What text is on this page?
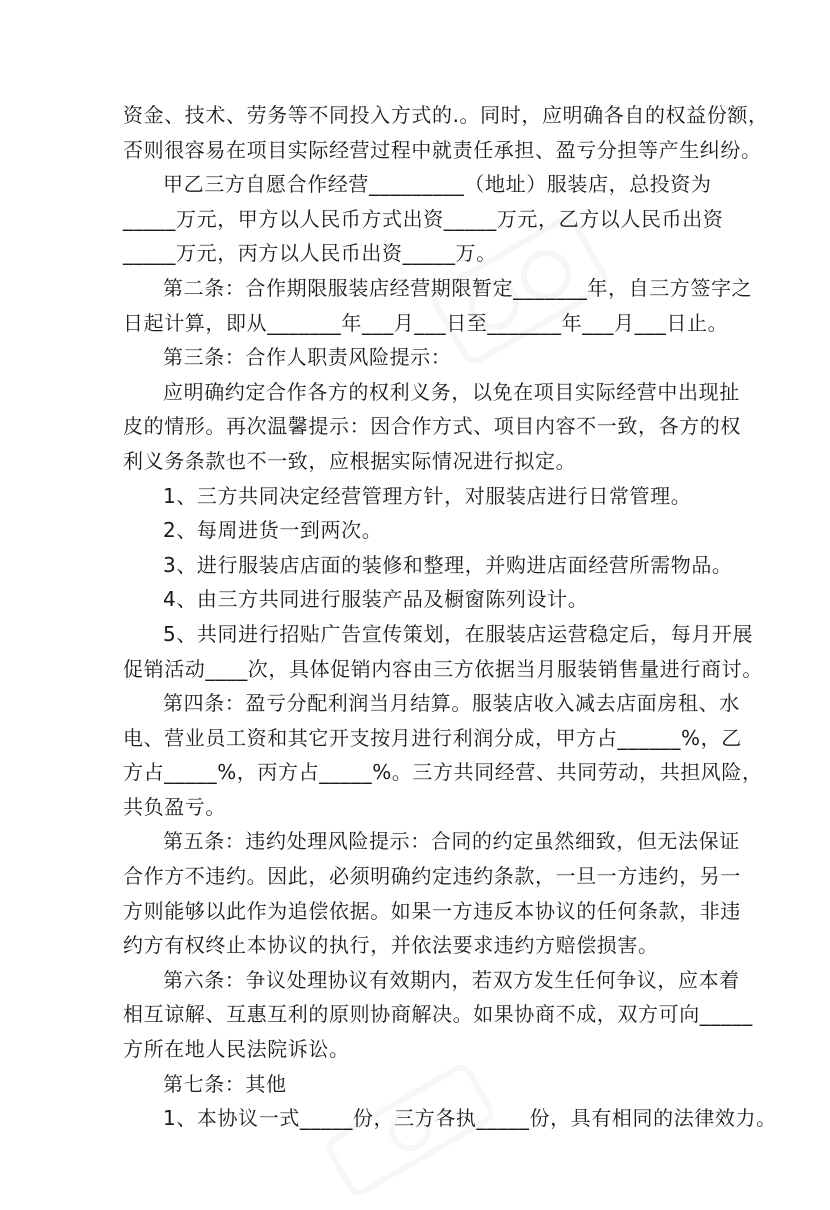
资金、技术、劳务等不同投入方式的.。同时，应明确各自的权益份额，
否则很容易在项目实际经营过程中就责任承担、盈亏分担等产生纠纷。
甲乙三方自愿合作经营_________（地址）服装店，总投资为
_____万元，甲方以人民币方式出资_____万元，乙方以人民币出资
_____万元，丙方以人民币出资_____万。
第二条：合作期限服装店经营期限暂定_______年，自三方签字之
日起计算，即从_______年___月___日至_______年___月___日止。
第三条：合作人职责风险提示：
应明确约定合作各方的权利义务，以免在项目实际经营中出现扯
皮的情形。再次温馨提示：因合作方式、项目内容不一致，各方的权
利义务条款也不一致，应根据实际情况进行拟定。
1、三方共同决定经营管理方针，对服装店进行日常管理。
2、每周进货一到两次。
3、进行服装店店面的装修和整理，并购进店面经营所需物品。
4、由三方共同进行服装产品及橱窗陈列设计。
5、共同进行招贴广告宣传策划，在服装店运营稳定后，每月开展
促销活动____次，具体促销内容由三方依据当月服装销售量进行商讨。
第四条：盈亏分配利润当月结算。服装店收入减去店面房租、水
电、营业员工资和其它开支按月进行利润分成，甲方占______%，乙
方占_____%，丙方占_____%。三方共同经营、共同劳动，共担风险，
共负盈亏。
第五条：违约处理风险提示：合同的约定虽然细致，但无法保证
合作方不违约。因此，必须明确约定违约条款，一旦一方违约，另一
方则能够以此作为追偿依据。如果一方违反本协议的任何条款，非违
约方有权终止本协议的执行，并依法要求违约方赔偿损害。
第六条：争议处理协议有效期内，若双方发生任何争议，应本着
相互谅解、互惠互利的原则协商解决。如果协商不成，双方可向_____
方所在地人民法院诉讼。
第七条：其他
1、本协议一式_____份，三方各执_____份，具有相同的法律效力。
